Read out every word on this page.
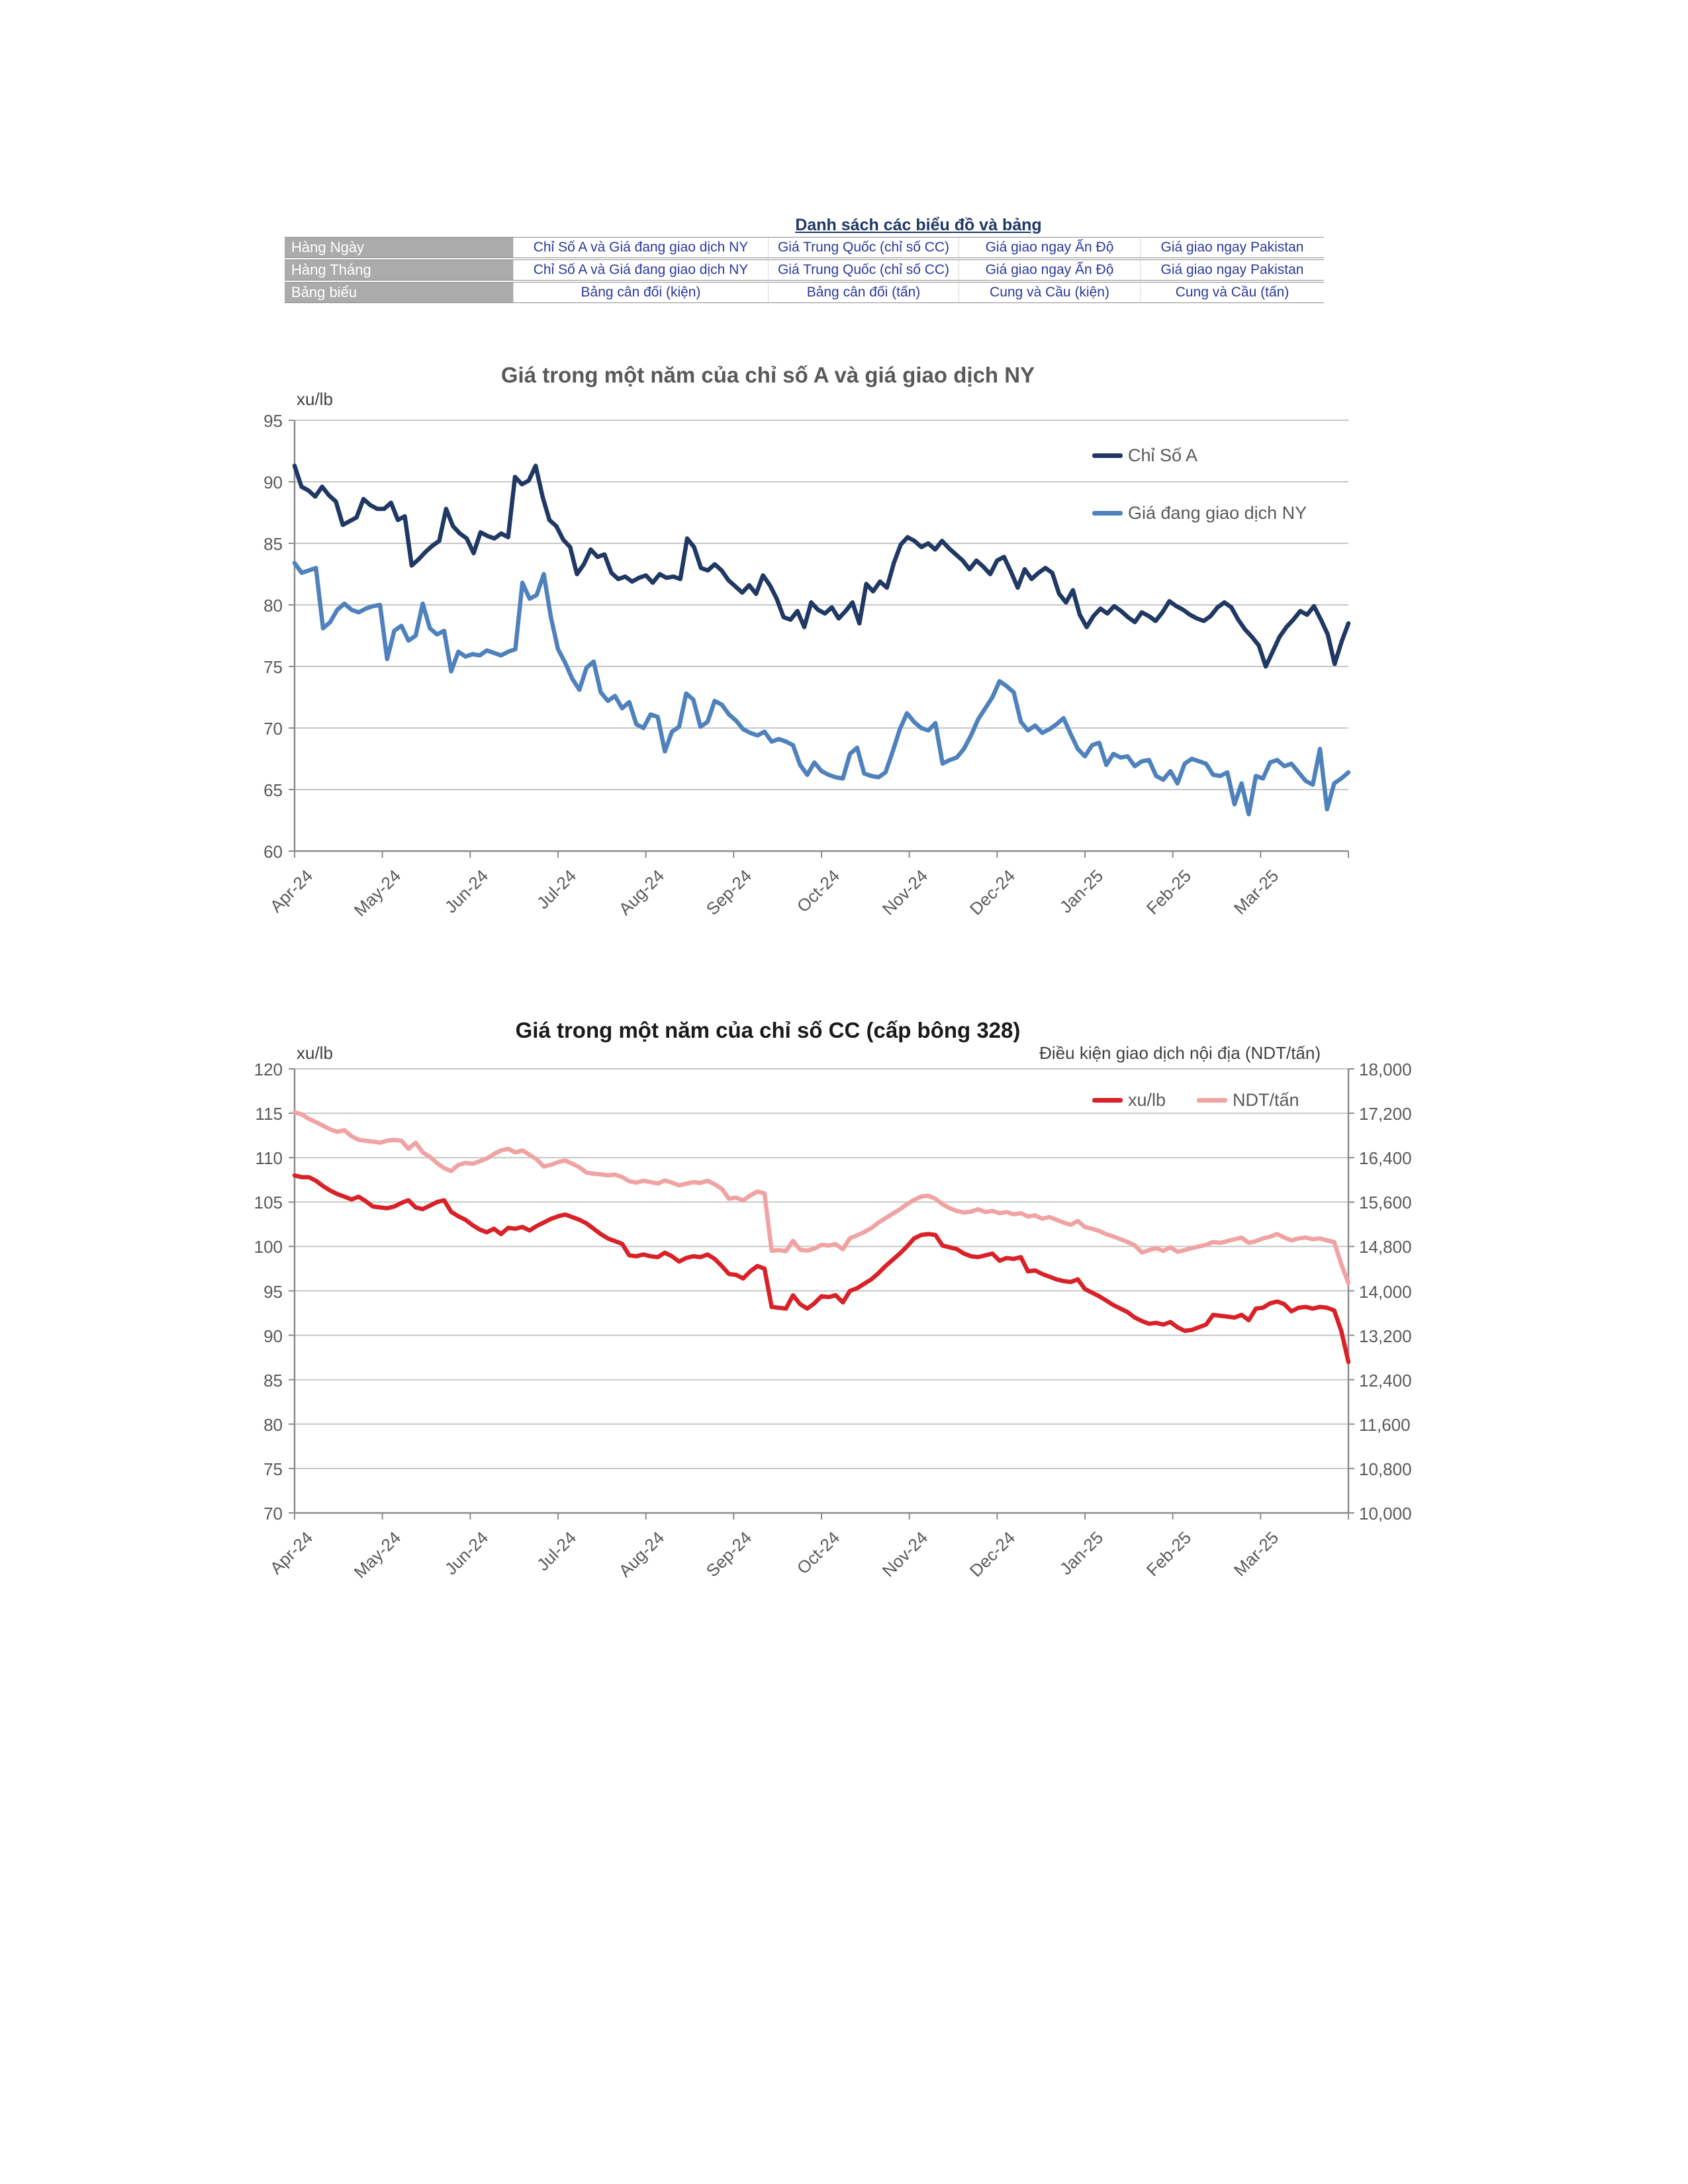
Danh sách các biểu đồ và bảng
Hàng Ngày	Chỉ Số A và Giá đang giao dịch NY	Giá Trung Quốc (chỉ số CC)	Giá giao ngay Ấn Độ	Giá giao ngay Pakistan
Hàng Tháng	Chỉ Số A và Giá đang giao dịch NY	Giá Trung Quốc (chỉ số CC)	Giá giao ngay Ấn Độ	Giá giao ngay Pakistan
Bảng biểu	Bảng cân đối (kiện)	Bảng cân đối (tấn)	Cung và Cầu (kiện)	Cung và Cầu (tấn)
Giá trong một năm của chỉ số A và giá giao dịch NY
xu/lb
95
90
85
80
75
70
65
60
Apr-24	May-24	Jun-24	Jul-24	Aug-24	Sep-24	Oct-24	Nov-24	Dec-24	Jan-25	Feb-25	Mar-25
Chỉ Số A
Giá đang giao dịch NY
Giá trong một năm của chỉ số CC (cấp bông 328)
xu/lb	Điều kiện giao dịch nội địa (NDT/tấn)
120
115
110
105
100
95
90
85
80
75
70
18,000
17,200
16,400
15,600
14,800
14,000
13,200
12,400
11,600
10,800
10,000
Apr-24	May-24	Jun-24	Jul-24	Aug-24	Sep-24	Oct-24	Nov-24	Dec-24	Jan-25	Feb-25	Mar-25
xu/lb	NDT/tấn
